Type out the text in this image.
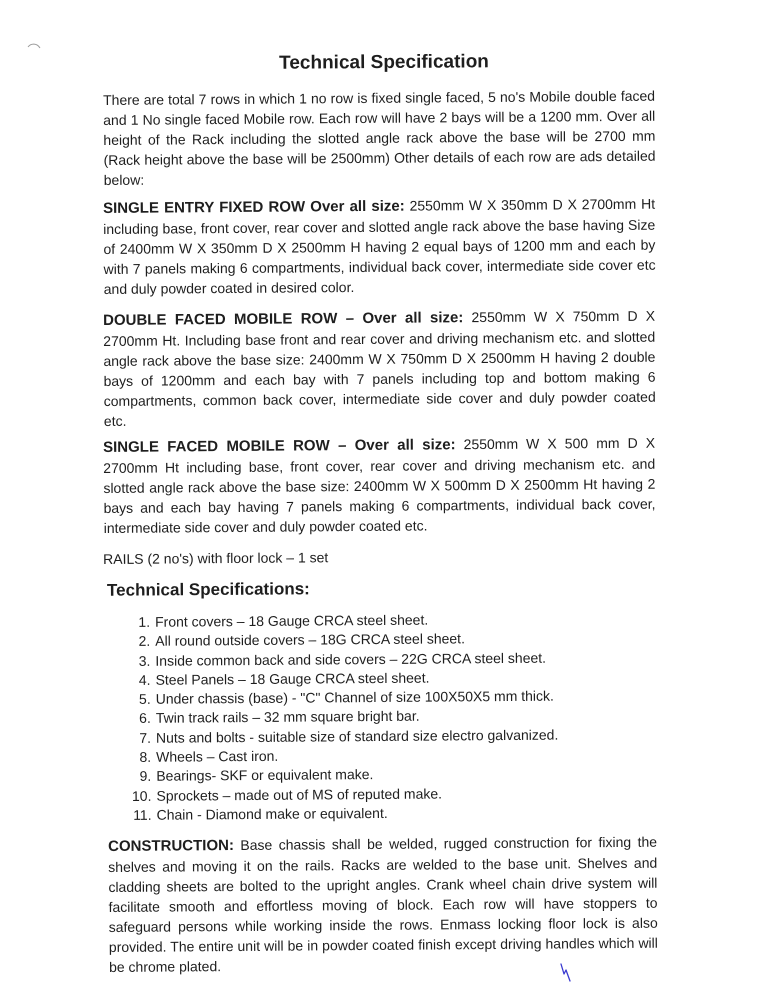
Technical Specification

There are total 7 rows in which 1 no row is fixed single faced, 5 no's Mobile double faced and 1 No single faced Mobile row. Each row will have 2 bays will be a 1200 mm. Over all height of the Rack including the slotted angle rack above the base will be 2700 mm (Rack height above the base will be 2500mm) Other details of each row are ads detailed below:

SINGLE ENTRY FIXED ROW Over all size: 2550mm W X 350mm D X 2700mm Ht including base, front cover, rear cover and slotted angle rack above the base having Size of 2400mm W X 350mm D X 2500mm H having 2 equal bays of 1200 mm and each by with 7 panels making 6 compartments, individual back cover, intermediate side cover etc and duly powder coated in desired color.

DOUBLE FACED MOBILE ROW – Over all size: 2550mm W X 750mm D X 2700mm Ht. Including base front and rear cover and driving mechanism etc. and slotted angle rack above the base size: 2400mm W X 750mm D X 2500mm H having 2 double bays of 1200mm and each bay with 7 panels including top and bottom making 6 compartments, common back cover, intermediate side cover and duly powder coated etc.

SINGLE FACED MOBILE ROW – Over all size: 2550mm W X 500 mm D X 2700mm Ht including base, front cover, rear cover and driving mechanism etc. and slotted angle rack above the base size: 2400mm W X 500mm D X 2500mm Ht having 2 bays and each bay having 7 panels making 6 compartments, individual back cover, intermediate side cover and duly powder coated etc.

RAILS (2 no's) with floor lock – 1 set

Technical Specifications:
1. Front covers – 18 Gauge CRCA steel sheet.
2. All round outside covers – 18G CRCA steel sheet.
3. Inside common back and side covers – 22G CRCA steel sheet.
4. Steel Panels – 18 Gauge CRCA steel sheet.
5. Under chassis (base) - "C" Channel of size 100X50X5 mm thick.
6. Twin track rails – 32 mm square bright bar.
7. Nuts and bolts - suitable size of standard size electro galvanized.
8. Wheels – Cast iron.
9. Bearings- SKF or equivalent make.
10. Sprockets – made out of MS of reputed make.
11. Chain - Diamond make or equivalent.

CONSTRUCTION: Base chassis shall be welded, rugged construction for fixing the shelves and moving it on the rails. Racks are welded to the base unit. Shelves and cladding sheets are bolted to the upright angles. Crank wheel chain drive system will facilitate smooth and effortless moving of block. Each row will have stoppers to safeguard persons while working inside the rows. Enmass locking floor lock is also provided. The entire unit will be in powder coated finish except driving handles which will be chrome plated.
